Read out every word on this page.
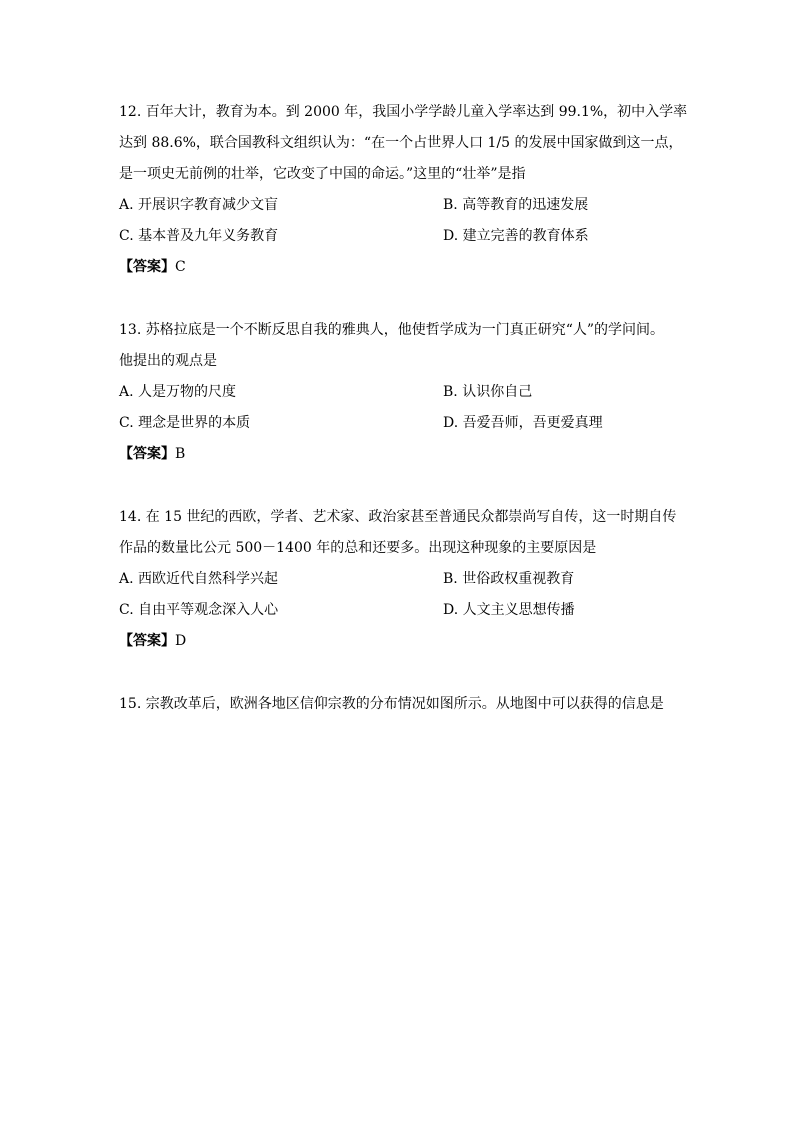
12. 百年大计，教育为本。到 2000 年，我国小学学龄儿童入学率达到 99.1%，初中入学率
达到 88.6%，联合国教科文组织认为：“在一个占世界人口 1/5 的发展中国家做到这一点，
是一项史无前例的壮举，它改变了中国的命运。”这里的“壮举”是指
A. 开展识字教育减少文盲	B. 高等教育的迅速发展
C. 基本普及九年义务教育	D. 建立完善的教育体系
【答案】C
13. 苏格拉底是一个不断反思自我的雅典人，他使哲学成为一门真正研究“人”的学问间。
他提出的观点是
A. 人是万物的尺度	B. 认识你自己
C. 理念是世界的本质	D. 吾爱吾师，吾更爱真理
【答案】B
14. 在 15 世纪的西欧，学者、艺术家、政治家甚至普通民众都崇尚写自传，这一时期自传
作品的数量比公元 500－1400 年的总和还要多。出现这种现象的主要原因是
A. 西欧近代自然科学兴起	B. 世俗政权重视教育
C. 自由平等观念深入人心	D. 人文主义思想传播
【答案】D
15. 宗教改革后，欧洲各地区信仰宗教的分布情况如图所示。从地图中可以获得的信息是
